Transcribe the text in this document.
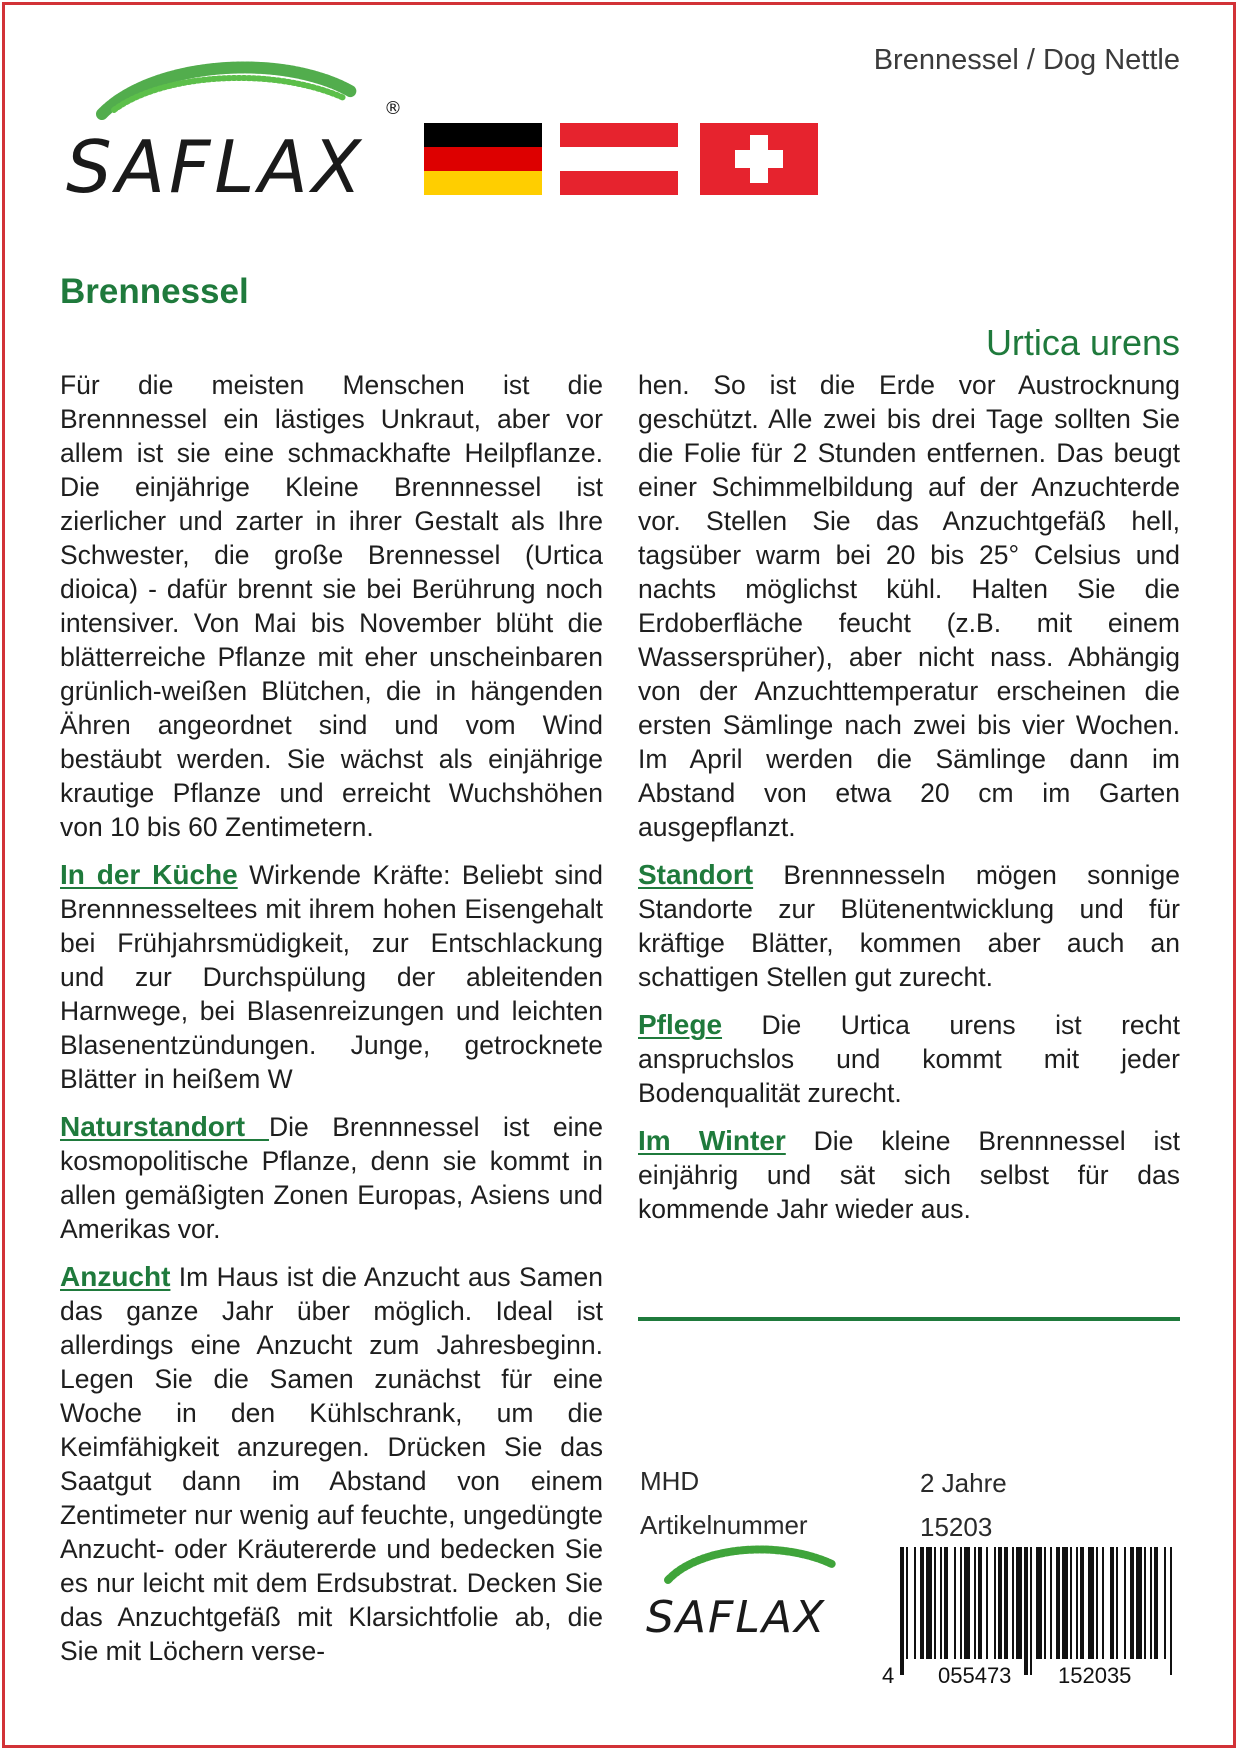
Brennessel / Dog Nettle
SAFLAX
®
Brennessel
Urtica urens

Für die meisten Menschen ist die Brennnessel ein lästiges Unkraut, aber vor allem ist sie eine schmackhafte Heilpflanze. Die einjährige Kleine Brennnessel ist zierlicher und zarter in ihrer Gestalt als Ihre Schwester, die große Brennessel (Urtica dioica) - dafür brennt sie bei Berührung noch intensiver. Von Mai bis November blüht die blätterreiche Pflanze mit eher unscheinbaren grünlich-weißen Blütchen, die in hängenden Ähren angeordnet sind und vom Wind bestäubt werden. Sie wächst als einjährige krautige Pflanze und erreicht Wuchshöhen von 10 bis 60 Zentimetern.

In der Küche Wirkende Kräfte: Beliebt sind Brennnesseltees mit ihrem hohen Eisengehalt bei Frühjahrsmüdigkeit, zur Entschlackung und zur Durchspülung der ableitenden Harnwege, bei Blasenreizungen und leichten Blasenentzündungen. Junge, getrocknete Blätter in heißem W

Naturstandort Die Brennnessel ist eine kosmopolitische Pflanze, denn sie kommt in allen gemäßigten Zonen Europas, Asiens und Amerikas vor.

Anzucht Im Haus ist die Anzucht aus Samen das ganze Jahr über möglich. Ideal ist allerdings eine Anzucht zum Jahresbeginn. Legen Sie die Samen zunächst für eine Woche in den Kühlschrank, um die Keimfähigkeit anzuregen. Drücken Sie das Saatgut dann im Abstand von einem Zentimeter nur wenig auf feuchte, ungedüngte Anzucht- oder Kräutererde und bedecken Sie es nur leicht mit dem Erdsubstrat. Decken Sie das Anzuchtgefäß mit Klarsichtfolie ab, die Sie mit Löchern verse-

hen. So ist die Erde vor Austrocknung geschützt. Alle zwei bis drei Tage sollten Sie die Folie für 2 Stunden entfernen. Das beugt einer Schimmelbildung auf der Anzuchterde vor. Stellen Sie das Anzuchtgefäß hell, tagsüber warm bei 20 bis 25° Celsius und nachts möglichst kühl. Halten Sie die Erdoberfläche feucht (z.B. mit einem Wassersprüher), aber nicht nass. Abhängig von der Anzuchttemperatur erscheinen die ersten Sämlinge nach zwei bis vier Wochen. Im April werden die Sämlinge dann im Abstand von etwa 20 cm im Garten ausgepflanzt.

Standort Brennnesseln mögen sonnige Standorte zur Blütenentwicklung und für kräftige Blätter, kommen aber auch an schattigen Stellen gut zurecht.

Pflege Die Urtica urens ist recht anspruchslos und kommt mit jeder Bodenqualität zurecht.

Im Winter Die kleine Brennnessel ist einjährig und sät sich selbst für das kommende Jahr wieder aus.

MHD	2 Jahre
Artikelnummer	15203
SAFLAX
4 055473 152035
